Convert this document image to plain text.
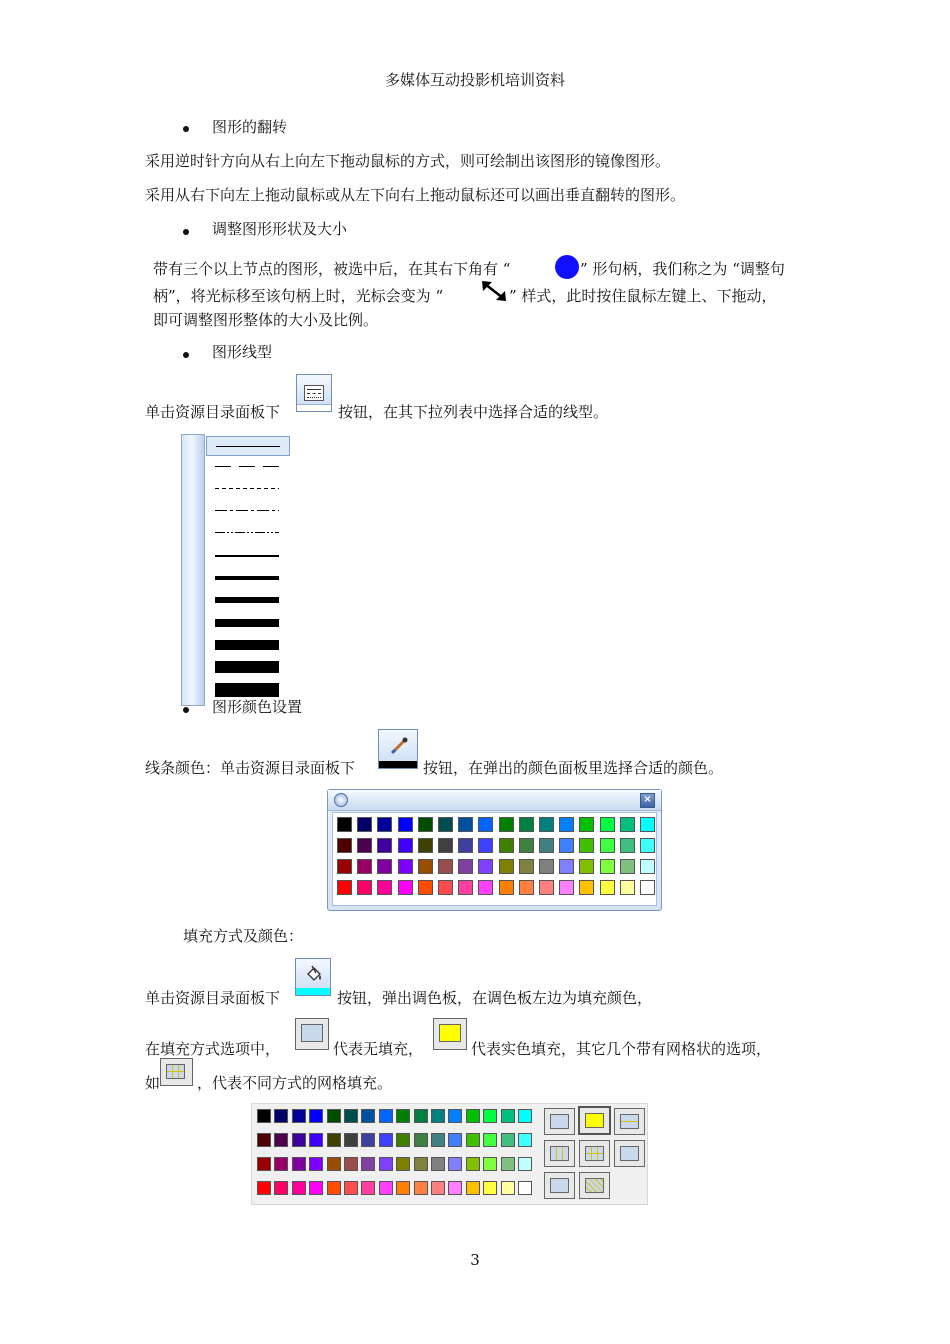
多媒体互动投影机培训资料
图形的翻转
采用逆时针方向从右上向左下拖动鼠标的方式，则可绘制出该图形的镜像图形。
采用从右下向左上拖动鼠标或从左下向右上拖动鼠标还可以画出垂直翻转的图形。
调整图形形状及大小
带有三个以上节点的图形，被选中后，在其右下角有 “	” 形句柄，我们称之为 “调整句
柄”，将光标移至该句柄上时，光标会变为 “	” 样式，此时按住鼠标左键上、下拖动，
即可调整图形整体的大小及比例。
图形线型
单击资源目录面板下	按钮，在其下拉列表中选择合适的线型。
图形颜色设置
线条颜色：单击资源目录面板下	按钮，在弹出的颜色面板里选择合适的颜色。
×
填充方式及颜色：
单击资源目录面板下	按钮，弹出调色板，在调色板左边为填充颜色，
在填充方式选项中，	代表无填充，	代表实色填充，其它几个带有网格状的选项，
如 ，代表不同方式的网格填充。
3
